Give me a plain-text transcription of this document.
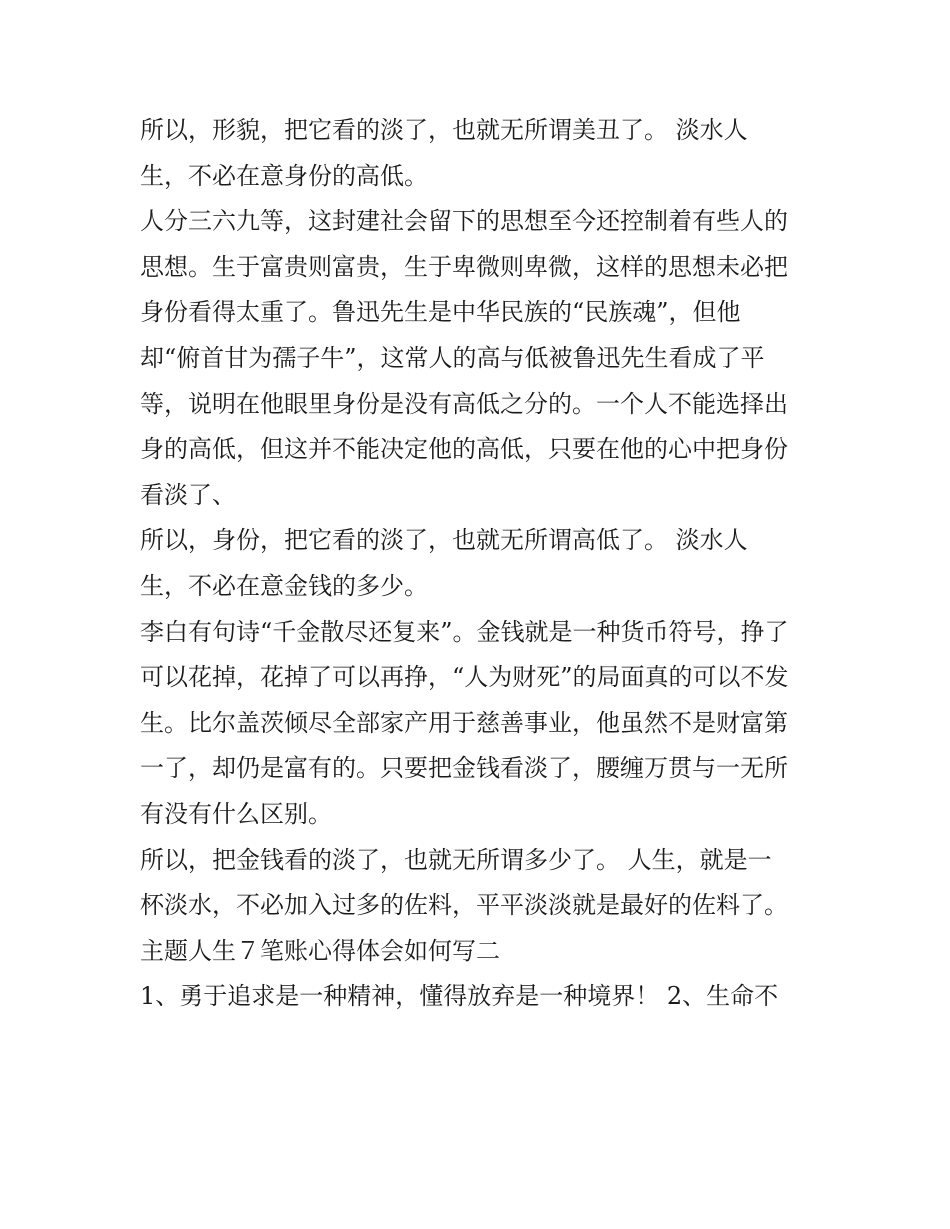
所以，形貌，把它看的淡了，也就无所谓美丑了。 淡水人
生，不必在意身份的高低。
人分三六九等，这封建社会留下的思想至今还控制着有些人的
思想。生于富贵则富贵，生于卑微则卑微，这样的思想未必把
身份看得太重了。鲁迅先生是中华民族的“民族魂”，但他
却“俯首甘为孺子牛”，这常人的高与低被鲁迅先生看成了平
等，说明在他眼里身份是没有高低之分的。一个人不能选择出
身的高低，但这并不能决定他的高低，只要在他的心中把身份
看淡了、
所以，身份，把它看的淡了，也就无所谓高低了。 淡水人
生，不必在意金钱的多少。
李白有句诗“千金散尽还复来”。金钱就是一种货币符号，挣了
可以花掉，花掉了可以再挣，“人为财死”的局面真的可以不发
生。比尔盖茨倾尽全部家产用于慈善事业，他虽然不是财富第
一了，却仍是富有的。只要把金钱看淡了，腰缠万贯与一无所
有没有什么区别。
所以，把金钱看的淡了，也就无所谓多少了。 人生，就是一
杯淡水，不必加入过多的佐料，平平淡淡就是最好的佐料了。
主题人生７笔账心得体会如何写二
1、勇于追求是一种精神，懂得放弃是一种境界！ 2、生命不
